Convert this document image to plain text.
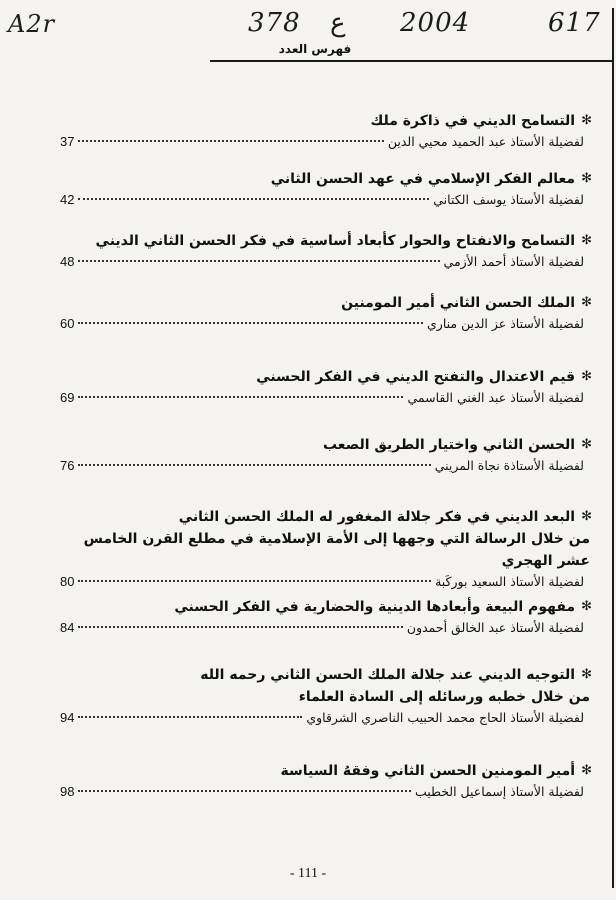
A2r	378 ع 2004	617
فهرس العدد
✻
التسامح الديني في ذاكرة ملك
لفضيلة الأستاذ عبد الحميد محيي الدين
37
✻
معالم الفكر الإسلامي في عهد الحسن الثاني
لفضيلة الأستاذ يوسف الكتاني
42
✻
التسامح والانفتاح والحوار كأبعاد أساسية في فكر الحسن الثاني الديني
لفضيلة الأستاذ أحمد الأزمي
48
✻
الملك الحسن الثاني أمير المومنين
لفضيلة الأستاذ عز الدين مناري
60
✻
قيم الاعتدال والتفتح الديني في الفكر الحسني
لفضيلة الأستاذ عبد الغني القاسمي
69
✻
الحسن الثاني واختيار الطريق الصعب
لفضيلة الأستاذة نجاة المريني
76
✻
البعد الديني في فكر جلالة المغفور له الملك الحسن الثاني
من خلال الرسالة التي وجهها إلى الأمة الإسلامية في مطلع القرن الخامس عشر الهجري
لفضيلة الأستاذ السعيد بوركَبة
80
✻
مفهوم البيعة وأبعادها الدينية والحضارية في الفكر الحسني
لفضيلة الأستاذ عبد الخالق أحمدون
84
✻
التوجيه الديني عند جلالة الملك الحسن الثاني رحمه الله
من خلال خطبه ورسائله إلى السادة العلماء
لفضيلة الأستاذ الحاج محمد الحبيب الناصري الشرقاوي
94
✻
أمير المومنين الحسن الثاني وفقهُ السياسة
لفضيلة الأستاذ إسماعيل الخطيب
98
- 111 -
